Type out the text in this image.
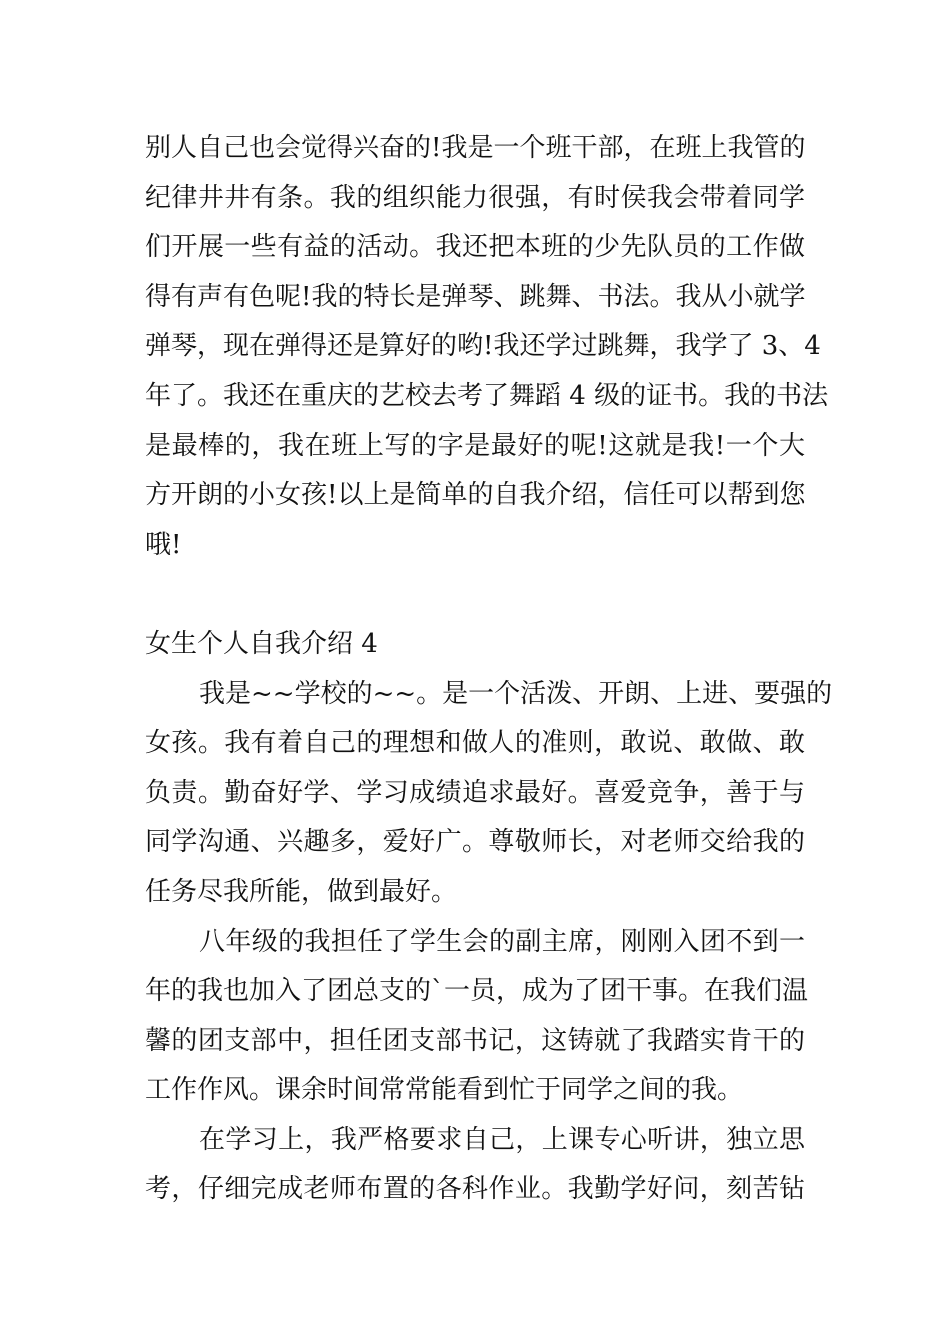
别人自己也会觉得兴奋的!我是一个班干部，在班上我管的
纪律井井有条。我的组织能力很强，有时侯我会带着同学
们开展一些有益的活动。我还把本班的少先队员的工作做
得有声有色呢!我的特长是弹琴、跳舞、书法。我从小就学
弹琴，现在弹得还是算好的哟!我还学过跳舞，我学了 3、4
年了。我还在重庆的艺校去考了舞蹈 4 级的证书。我的书法
是最棒的，我在班上写的字是最好的呢!这就是我!一个大
方开朗的小女孩!以上是简单的自我介绍，信任可以帮到您
哦!
女生个人自我介绍 4
我是~~学校的~~。是一个活泼、开朗、上进、要强的
女孩。我有着自己的理想和做人的准则，敢说、敢做、敢
负责。勤奋好学、学习成绩追求最好。喜爱竞争，善于与
同学沟通、兴趣多，爱好广。尊敬师长，对老师交给我的
任务尽我所能，做到最好。
八年级的我担任了学生会的副主席，刚刚入团不到一
年的我也加入了团总支的`一员，成为了团干事。在我们温
馨的团支部中，担任团支部书记，这铸就了我踏实肯干的
工作作风。课余时间常常能看到忙于同学之间的我。
在学习上，我严格要求自己，上课专心听讲，独立思
考，仔细完成老师布置的各科作业。我勤学好问，刻苦钻
